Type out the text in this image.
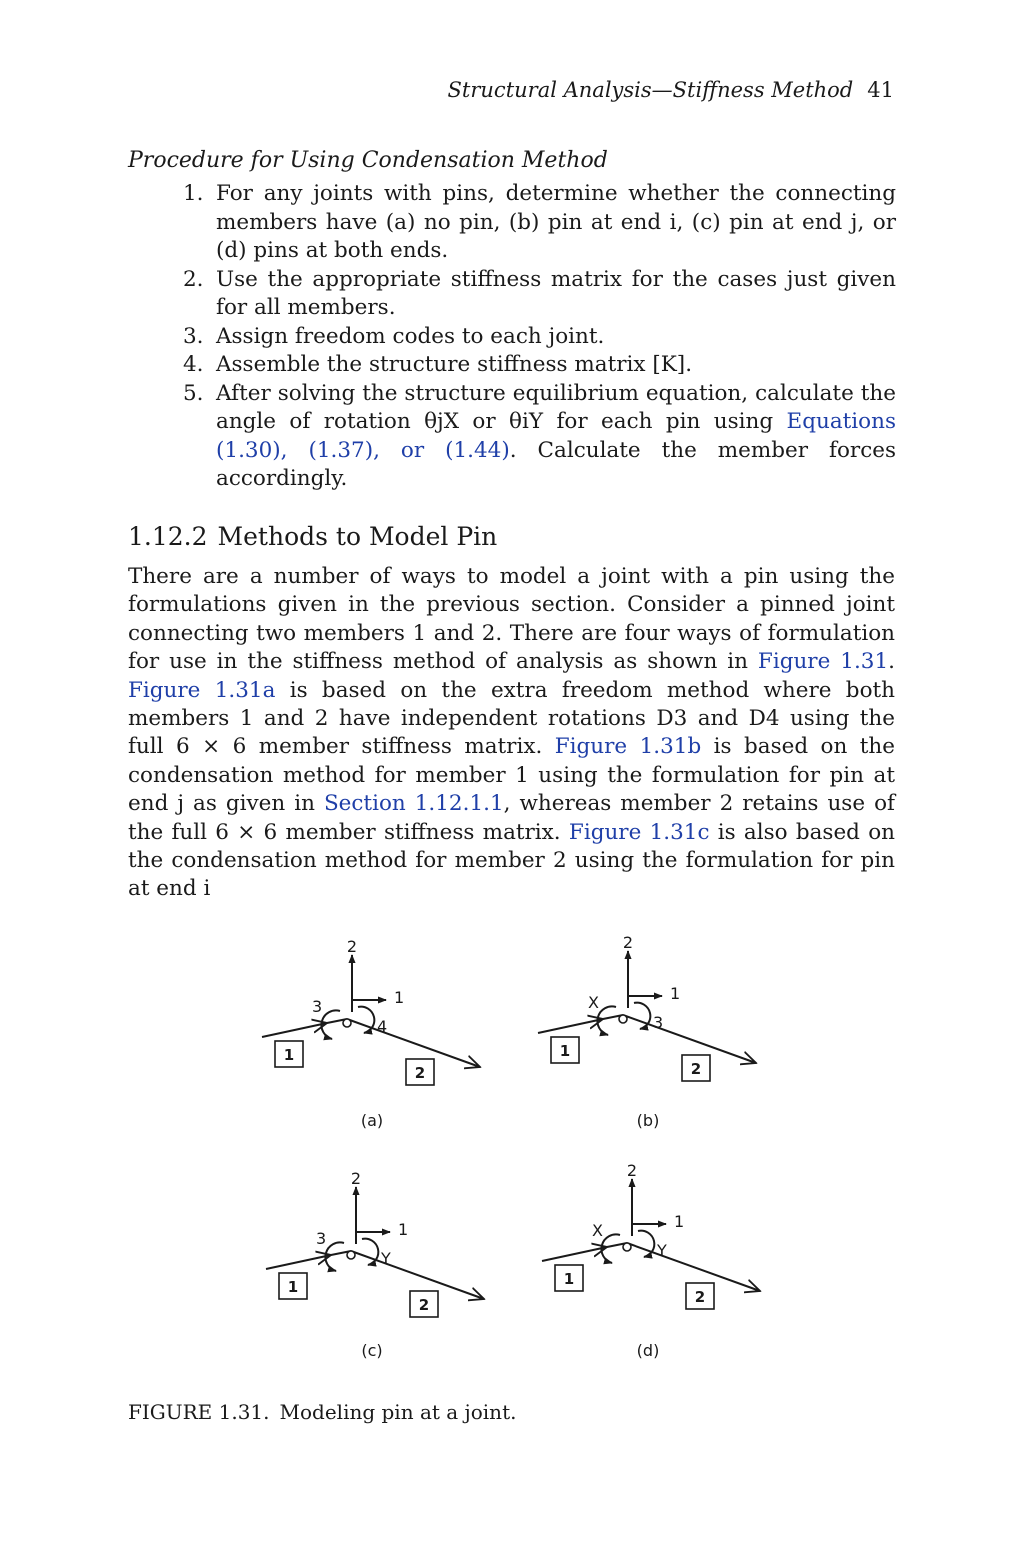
Structural Analysis—Stiffness Method 41
Procedure for Using Condensation Method
1. For any joints with pins, determine whether the connecting members have (a) no pin, (b) pin at end i, (c) pin at end j, or (d) pins at both ends.
2. Use the appropriate stiffness matrix for the cases just given for all members.
3. Assign freedom codes to each joint.
4. Assemble the structure stiffness matrix [K].
5. After solving the structure equilibrium equation, calculate the angle of rotation θjX or θiY for each pin using Equations (1.30), (1.37), or (1.44). Calculate the member forces accordingly.
1.12.2 Methods to Model Pin

There are a number of ways to model a joint with a pin using the formulations given in the previous section. Consider a pinned joint connecting two members 1 and 2. There are four ways of formulation for use in the stiffness method of analysis as shown in Figure 1.31. Figure 1.31a is based on the extra freedom method where both members 1 and 2 have independent rotations D3 and D4 using the full 6 × 6 member stiffness matrix. Figure 1.31b is based on the condensation method for member 1 using the formulation for pin at end j as given in Section 1.12.1.1, whereas member 2 retains use of the full 6 × 6 member stiffness matrix. Figure 1.31c is also based on the condensation method for member 2 using the formulation for pin at end i

2
1
3
4
1
2
(a)
2
1
X
3
1
2
(b)
2
1
3
Y
1
2
(c)
2
1
X
Y
1
2
(d)
FIGURE 1.31. Modeling pin at a joint.
